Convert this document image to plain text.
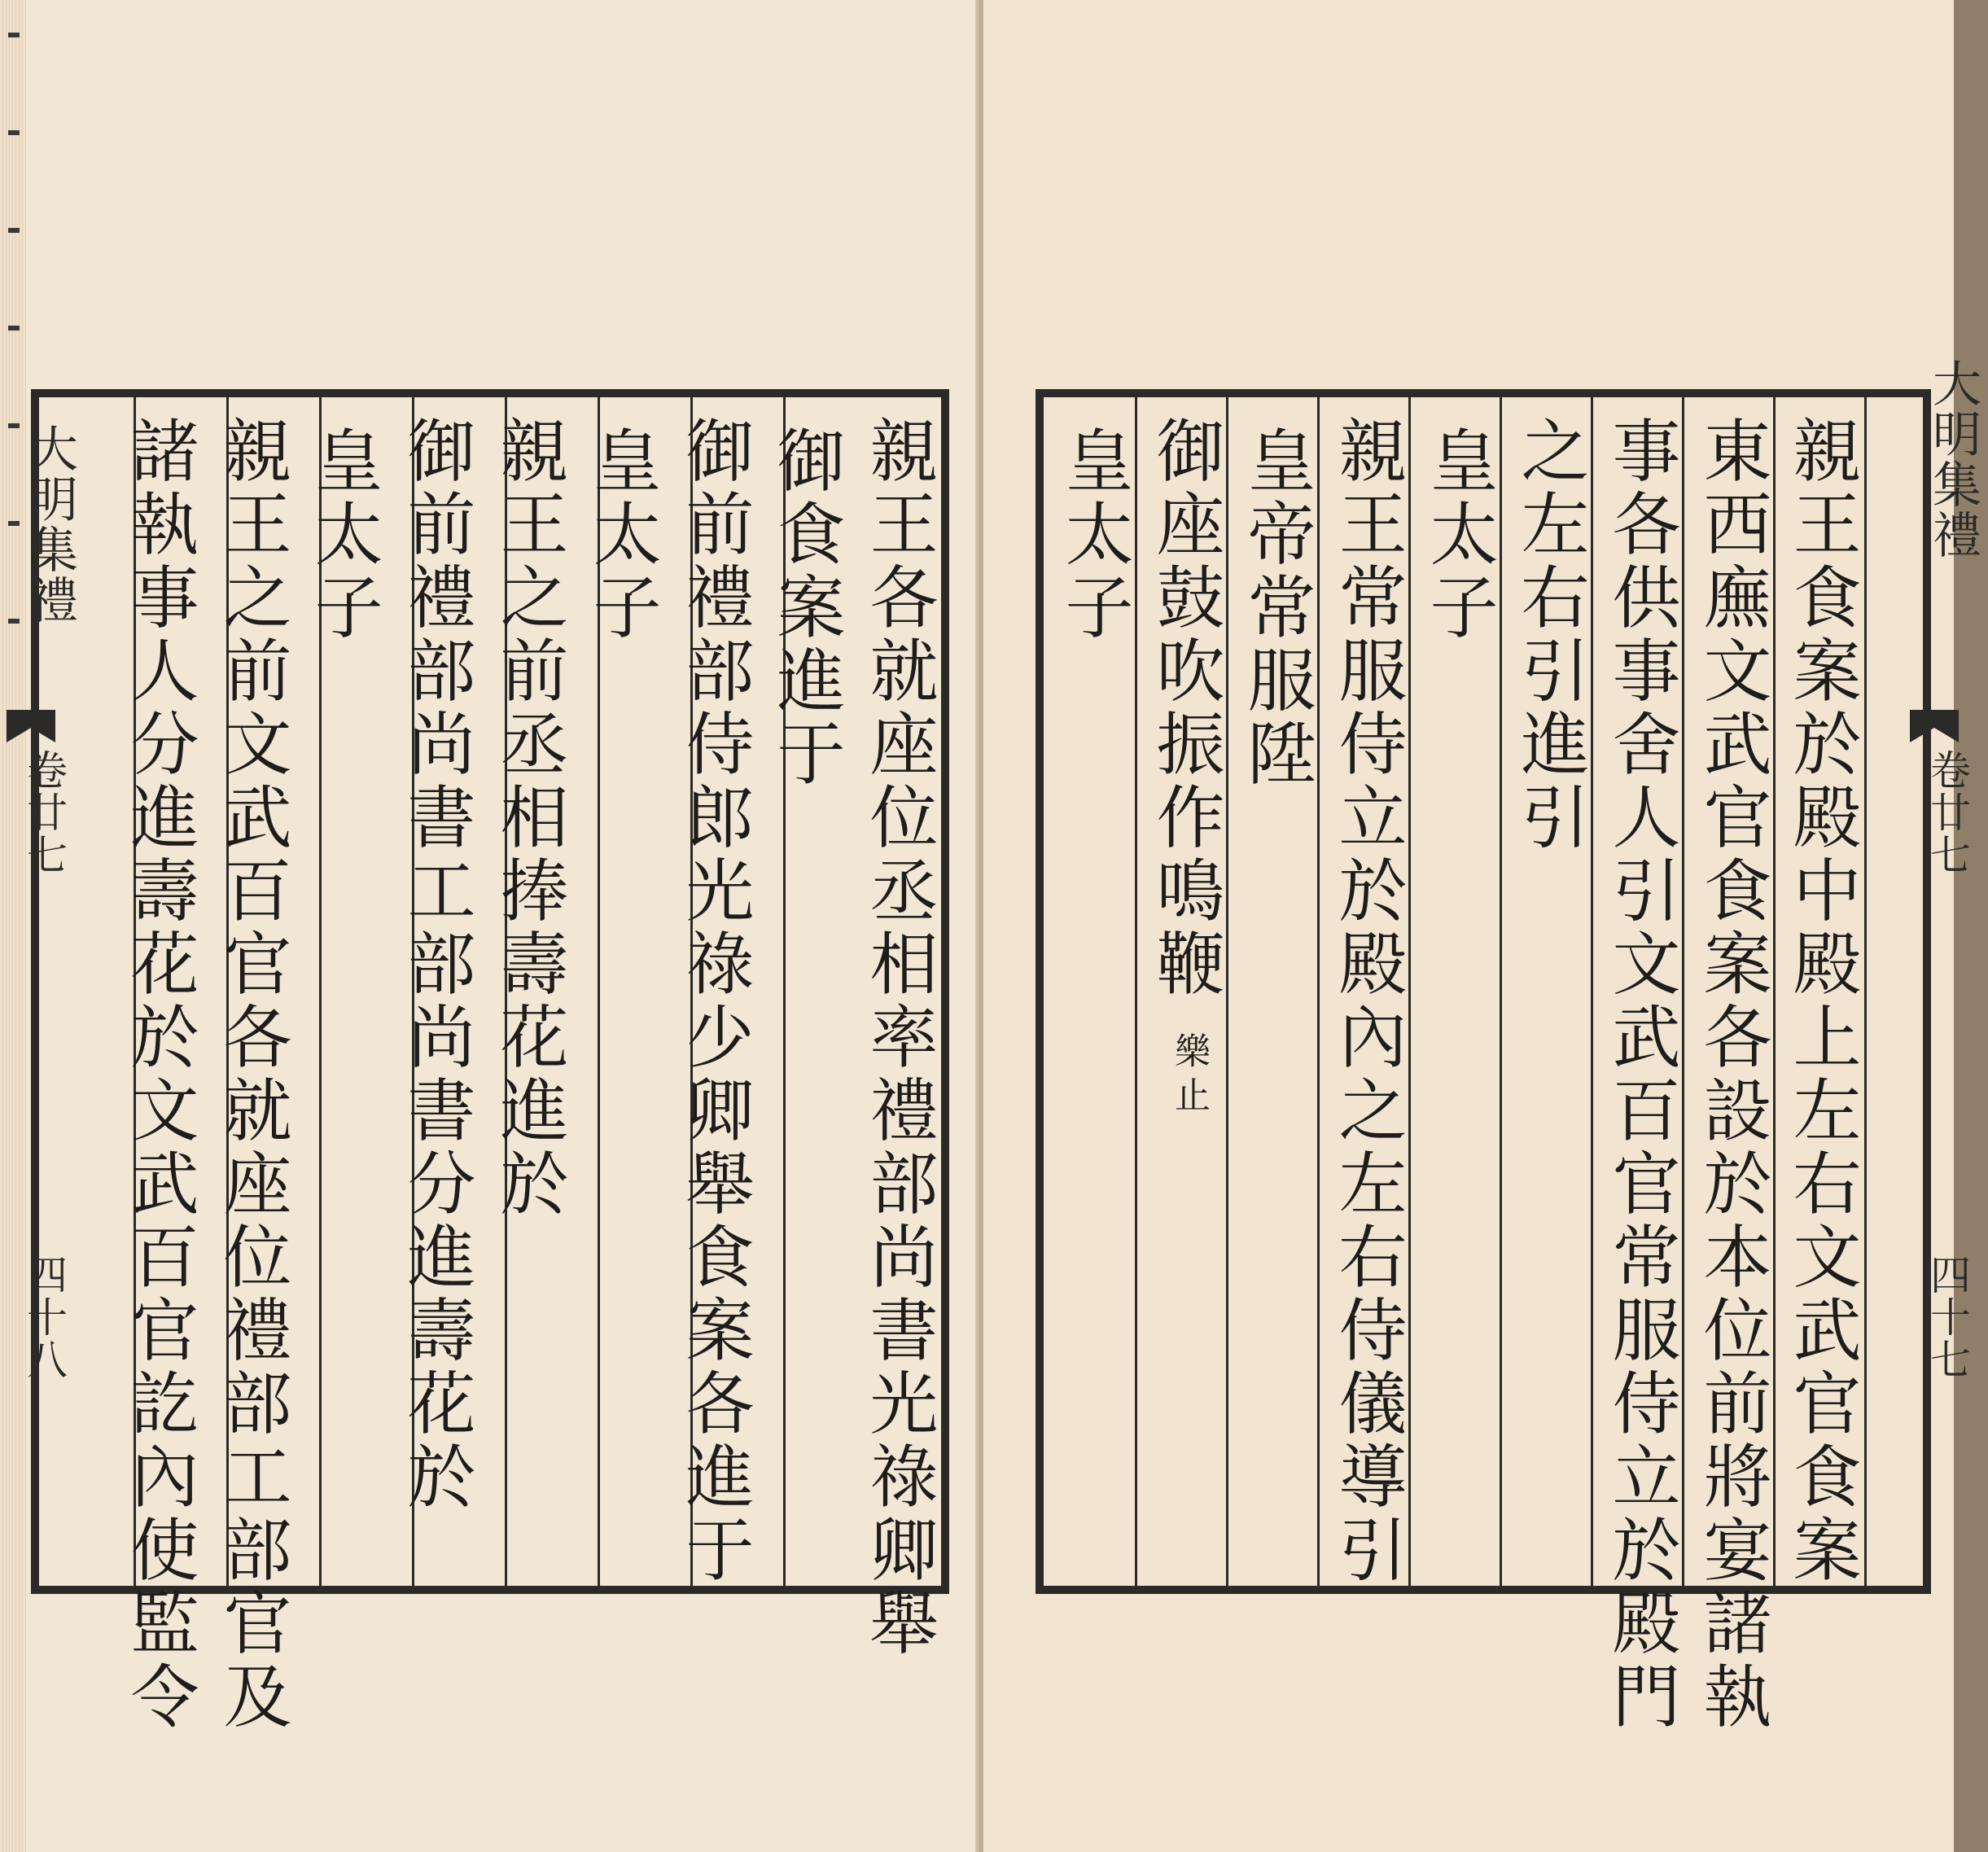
大明集禮
卷廿七
四十八	親王各就座位丞相率禮部尚書光祿卿舉
御食案進于
御前禮部侍郎光祿少卿舉食案各進于
皇太子
親王之前丞相捧壽花進於
御前禮部尚書工部尚書分進壽花於
皇太子
親王之前文武百官各就座位禮部工部官及
諸執事人分進壽花於文武百官訖內使監令	親王食案於殿中殿上左右文武官食案
東西廡文武官食案各設於本位前將宴諸執
事各供事舍人引文武百官常服侍立於殿門
之左右引進引
皇太子
親王常服侍立於殿內之左右侍儀導引
皇帝常服陞
御座鼓吹振作鳴鞭
樂止
皇太子	大明集禮
卷廿七
四十七
